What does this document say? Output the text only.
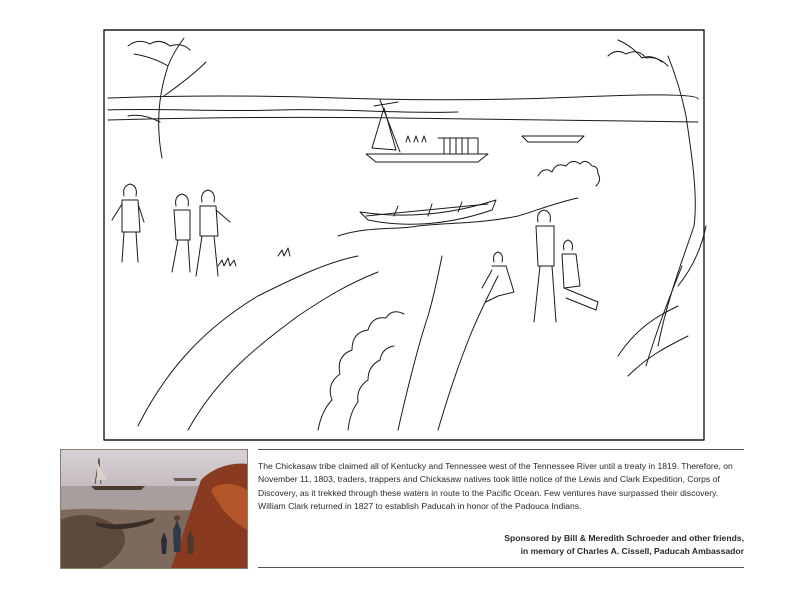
The Chickasaw tribe claimed all of Kentucky and Tennessee west of the Tennessee River until a treaty in 1819. Therefore, on November 11, 1803, traders, trappers and Chickasaw natives took little notice of the Lewis and Clark Expedition, Corps of Discovery, as it trekked through these waters in route to the Pacific Ocean. Few ventures have surpassed their discovery. William Clark returned in 1827 to establish Paducah in honor of the Padouca Indians.

Sponsored by Bill & Meredith Schroeder and other friends,
in memory of Charles A. Cissell, Paducah Ambassador
